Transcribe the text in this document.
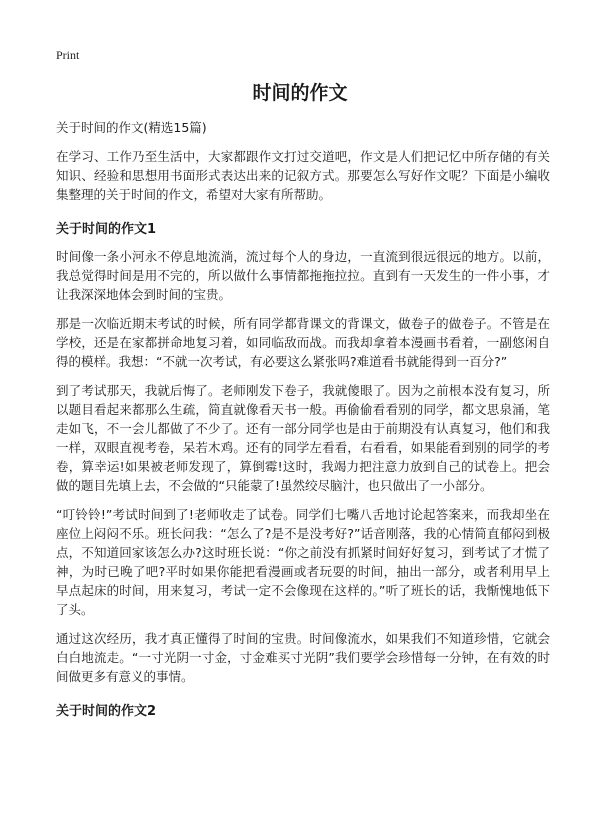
Print
时间的作文

关于时间的作文(精选15篇)

在学习、工作乃至生活中，大家都跟作文打过交道吧，作文是人们把记忆中所存储的有关知识、经验和思想用书面形式表达出来的记叙方式。那要怎么写好作文呢？下面是小编收集整理的关于时间的作文，希望对大家有所帮助。

关于时间的作文1

时间像一条小河永不停息地流淌，流过每个人的身边，一直流到很远很远的地方。以前，我总觉得时间是用不完的，所以做什么事情都拖拖拉拉。直到有一天发生的一件小事，才让我深深地体会到时间的宝贵。

那是一次临近期末考试的时候，所有同学都背课文的背课文，做卷子的做卷子。不管是在学校，还是在家都拼命地复习着，如同临敌而战。而我却拿着本漫画书看着，一副悠闲自得的模样。我想：“不就一次考试，有必要这么紧张吗?难道看书就能得到一百分?”

到了考试那天，我就后悔了。老师刚发下卷子，我就傻眼了。因为之前根本没有复习，所以题目看起来都那么生疏，简直就像看天书一般。再偷偷看看别的同学，都文思泉涌，笔走如飞，不一会儿都做了不少了。还有一部分同学也是由于前期没有认真复习，他们和我一样，双眼直视考卷，呆若木鸡。还有的同学左看看，右看看，如果能看到别的同学的考卷，算幸运!如果被老师发现了，算倒霉!这时，我竭力把注意力放到自己的试卷上。把会做的题目先填上去，不会做的“只能蒙了!虽然绞尽脑汁，也只做出了一小部分。

“叮铃铃!”考试时间到了!老师收走了试卷。同学们七嘴八舌地讨论起答案来，而我却坐在座位上闷闷不乐。班长问我：“怎么了?是不是没考好?”话音刚落，我的心情简直郁闷到极点，不知道回家该怎么办?这时班长说：“你之前没有抓紧时间好好复习，到考试了才慌了神，为时已晚了吧?平时如果你能把看漫画或者玩耍的时间，抽出一部分，或者利用早上早点起床的时间，用来复习，考试一定不会像现在这样的。”听了班长的话，我惭愧地低下了头。

通过这次经历，我才真正懂得了时间的宝贵。时间像流水，如果我们不知道珍惜，它就会白白地流走。“一寸光阴一寸金，寸金难买寸光阴”我们要学会珍惜每一分钟，在有效的时间做更多有意义的事情。

关于时间的作文2
